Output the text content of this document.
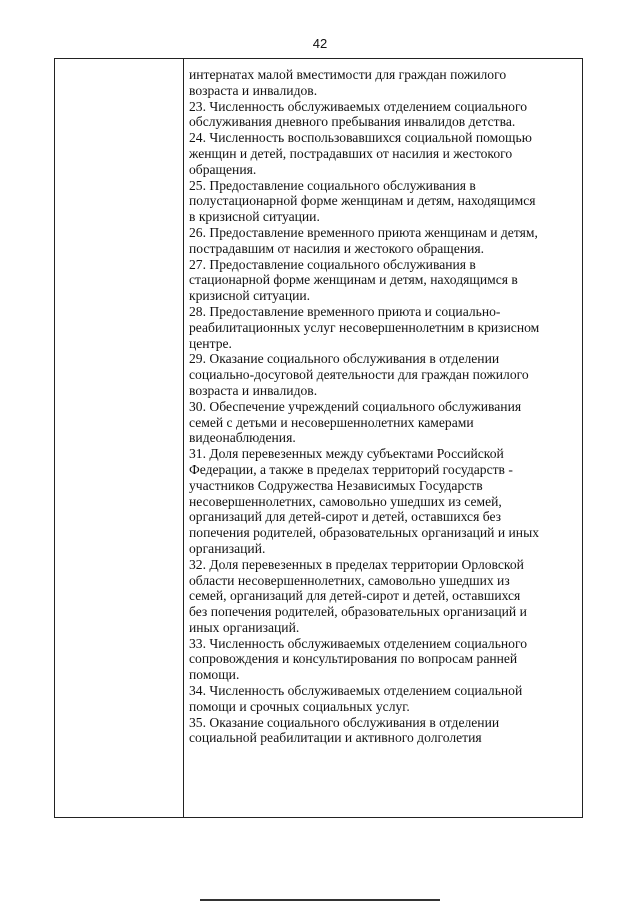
42
интернатах малой вместимости для граждан пожилого
возраста и инвалидов.
23. Численность обслуживаемых отделением социального
обслуживания дневного пребывания инвалидов детства.
24. Численность воспользовавшихся социальной помощью
женщин и детей, пострадавших от насилия и жестокого
обращения.
25. Предоставление социального обслуживания в
полустационарной форме женщинам и детям, находящимся
в кризисной ситуации.
26. Предоставление временного приюта женщинам и детям,
пострадавшим от насилия и жестокого обращения.
27. Предоставление социального обслуживания в
стационарной форме женщинам и детям, находящимся в
кризисной ситуации.
28. Предоставление временного приюта и социально-
реабилитационных услуг несовершеннолетним в кризисном
центре.
29. Оказание социального обслуживания в отделении
социально-досуговой деятельности для граждан пожилого
возраста и инвалидов.
30. Обеспечение учреждений социального обслуживания
семей с детьми и несовершеннолетних камерами
видеонаблюдения.
31. Доля перевезенных между субъектами Российской
Федерации, а также в пределах территорий государств -
участников Содружества Независимых Государств
несовершеннолетних, самовольно ушедших из семей,
организаций для детей-сирот и детей, оставшихся без
попечения родителей, образовательных организаций и иных
организаций.
32. Доля перевезенных в пределах территории Орловской
области несовершеннолетних, самовольно ушедших из
семей, организаций для детей-сирот и детей, оставшихся
без попечения родителей, образовательных организаций и
иных организаций.
33. Численность обслуживаемых отделением социального
сопровождения и консультирования по вопросам ранней
помощи.
34. Численность обслуживаемых отделением социальной
помощи и срочных социальных услуг.
35. Оказание социального обслуживания в отделении
социальной реабилитации и активного долголетия
